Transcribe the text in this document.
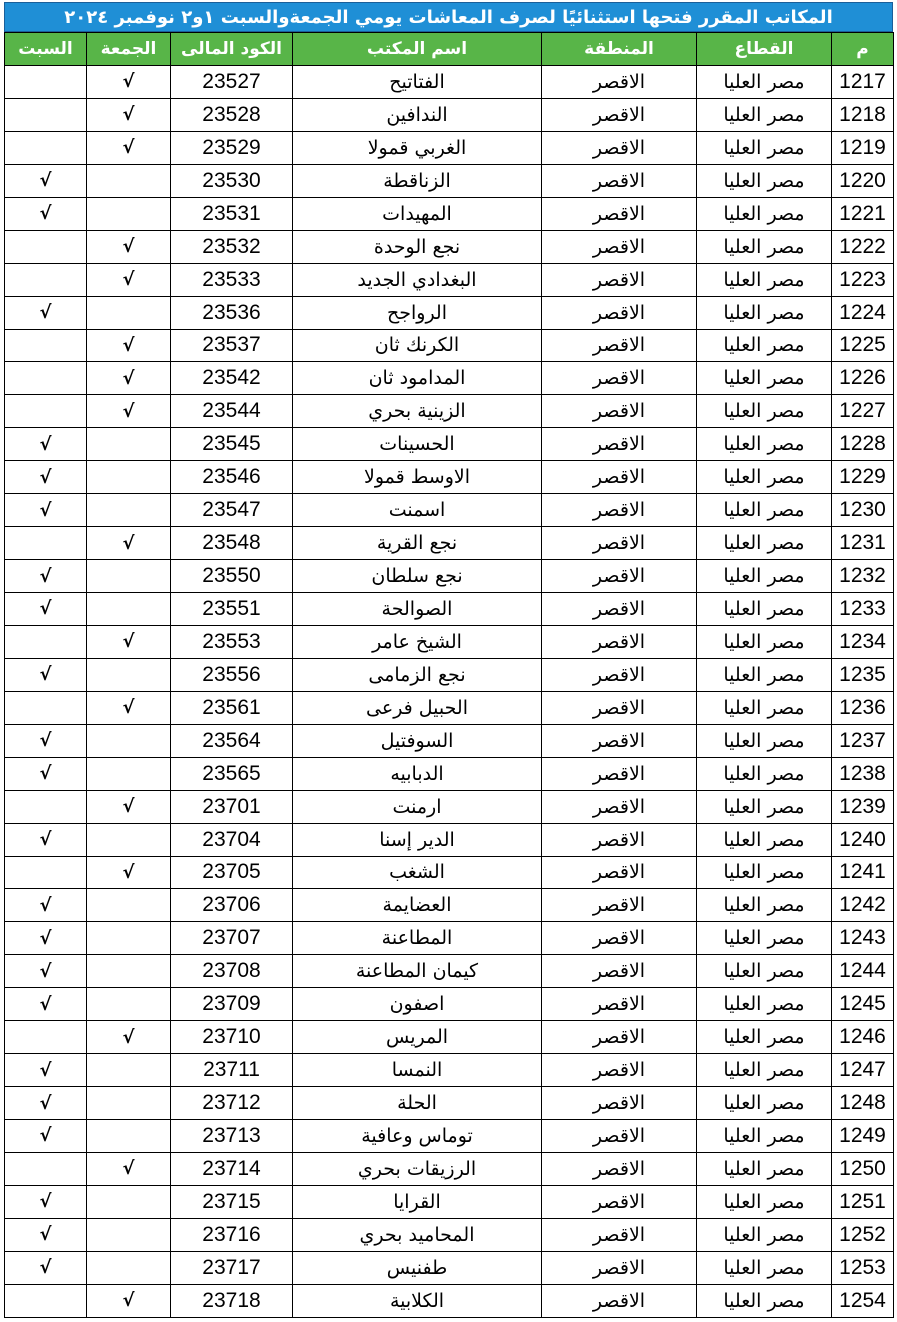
المكاتب المقرر فتحها استثنائيًا لصرف المعاشات يومي الجمعةوالسبت ١و٢ نوفمبر ٢٠٢٤
م	القطاع	المنطقة	اسم المكتب	الكود المالى	الجمعة	السبت
1217	مصر العليا	الاقصر	الفتاتيح	23527	√	
1218	مصر العليا	الاقصر	الندافين	23528	√	
1219	مصر العليا	الاقصر	الغربي قمولا	23529	√	
1220	مصر العليا	الاقصر	الزناقطة	23530		√
1221	مصر العليا	الاقصر	المهيدات	23531		√
1222	مصر العليا	الاقصر	نجع الوحدة	23532	√	
1223	مصر العليا	الاقصر	البغدادي الجديد	23533	√	
1224	مصر العليا	الاقصر	الرواجح	23536		√
1225	مصر العليا	الاقصر	الكرنك ثان	23537	√	
1226	مصر العليا	الاقصر	المدامود ثان	23542	√	
1227	مصر العليا	الاقصر	الزينية بحري	23544	√	
1228	مصر العليا	الاقصر	الحسينات	23545		√
1229	مصر العليا	الاقصر	الاوسط قمولا	23546		√
1230	مصر العليا	الاقصر	اسمنت	23547		√
1231	مصر العليا	الاقصر	نجع القرية	23548	√	
1232	مصر العليا	الاقصر	نجع سلطان	23550		√
1233	مصر العليا	الاقصر	الصوالحة	23551		√
1234	مصر العليا	الاقصر	الشيخ عامر	23553	√	
1235	مصر العليا	الاقصر	نجع الزمامى	23556		√
1236	مصر العليا	الاقصر	الحبيل فرعى	23561	√	
1237	مصر العليا	الاقصر	السوفتيل	23564		√
1238	مصر العليا	الاقصر	الدبابيه	23565		√
1239	مصر العليا	الاقصر	ارمنت	23701	√	
1240	مصر العليا	الاقصر	الدير إسنا	23704		√
1241	مصر العليا	الاقصر	الشغب	23705	√	
1242	مصر العليا	الاقصر	العضايمة	23706		√
1243	مصر العليا	الاقصر	المطاعنة	23707		√
1244	مصر العليا	الاقصر	كيمان المطاعنة	23708		√
1245	مصر العليا	الاقصر	اصفون	23709		√
1246	مصر العليا	الاقصر	المريس	23710	√	
1247	مصر العليا	الاقصر	النمسا	23711		√
1248	مصر العليا	الاقصر	الحلة	23712		√
1249	مصر العليا	الاقصر	توماس وعافية	23713		√
1250	مصر العليا	الاقصر	الرزيقات بحري	23714	√	
1251	مصر العليا	الاقصر	القرايا	23715		√
1252	مصر العليا	الاقصر	المحاميد بحري	23716		√
1253	مصر العليا	الاقصر	طفنيس	23717		√
1254	مصر العليا	الاقصر	الكلابية	23718	√	
